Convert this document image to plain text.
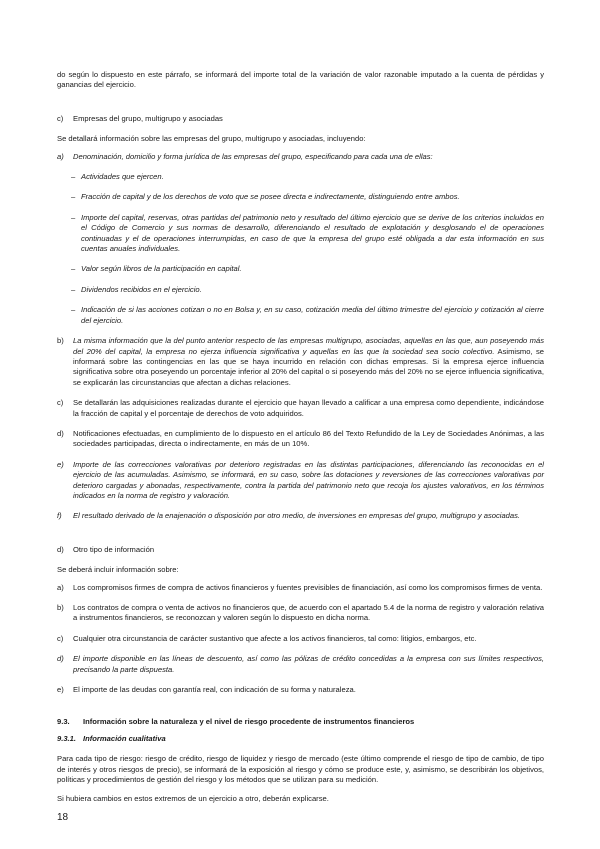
do según lo dispuesto en este párrafo, se informará del importe total de la variación de valor razonable imputado a la cuenta de pérdidas y ganancias del ejercicio.

c)	Empresas del grupo, multigrupo y asociadas

Se detallará información sobre las empresas del grupo, multigrupo y asociadas, incluyendo:

a)	Denominación, domicilio y forma jurídica de las empresas del grupo, especificando para cada una de ellas:
– Actividades que ejercen.
– Fracción de capital y de los derechos de voto que se posee directa e indirectamente, distinguiendo entre ambos.
– Importe del capital, reservas, otras partidas del patrimonio neto y resultado del último ejercicio que se derive de los criterios incluidos en el Código de Comercio y sus normas de desarrollo, diferenciando el resultado de explotación y desglosando el de operaciones continuadas y el de operaciones interrumpidas, en caso de que la empresa del grupo esté obligada a dar esta información en sus cuentas anuales individuales.
– Valor según libros de la participación en capital.
– Dividendos recibidos en el ejercicio.
– Indicación de si las acciones cotizan o no en Bolsa y, en su caso, cotización media del último trimestre del ejercicio y cotización al cierre del ejercicio.
b)	La misma información que la del punto anterior respecto de las empresas multigrupo, asociadas, aquellas en las que, aun poseyendo más del 20% del capital, la empresa no ejerza influencia significativa y aquellas en las que la sociedad sea socio colectivo. Asimismo, se informará sobre las contingencias en las que se haya incurrido en relación con dichas empresas. Si la empresa ejerce influencia significativa sobre otra poseyendo un porcentaje inferior al 20% del capital o si poseyendo más del 20% no se ejerce influencia significativa, se explicarán las circunstancias que afectan a dichas relaciones.
c)	Se detallarán las adquisiciones realizadas durante el ejercicio que hayan llevado a calificar a una empresa como dependiente, indicándose la fracción de capital y el porcentaje de derechos de voto adquiridos.
d)	Notificaciones efectuadas, en cumplimiento de lo dispuesto en el artículo 86 del Texto Refundido de la Ley de Sociedades Anónimas, a las sociedades participadas, directa o indirectamente, en más de un 10%.
e)	Importe de las correcciones valorativas por deterioro registradas en las distintas participaciones, diferenciando las reconocidas en el ejercicio de las acumuladas. Asimismo, se informará, en su caso, sobre las dotaciones y reversiones de las correcciones valorativas por deterioro cargadas y abonadas, respectivamente, contra la partida del patrimonio neto que recoja los ajustes valorativos, en los términos indicados en la norma de registro y valoración.
f)	El resultado derivado de la enajenación o disposición por otro medio, de inversiones en empresas del grupo, multigrupo y asociadas.
d)	Otro tipo de información

Se deberá incluir información sobre:

a)	Los compromisos firmes de compra de activos financieros y fuentes previsibles de financiación, así como los compromisos firmes de venta.
b)	Los contratos de compra o venta de activos no financieros que, de acuerdo con el apartado 5.4 de la norma de registro y valoración relativa a instrumentos financieros, se reconozcan y valoren según lo dispuesto en dicha norma.
c)	Cualquier otra circunstancia de carácter sustantivo que afecte a los activos financieros, tal como: litigios, embargos, etc.
d)	El importe disponible en las líneas de descuento, así como las pólizas de crédito concedidas a la empresa con sus límites respectivos, precisando la parte dispuesta.
e)	El importe de las deudas con garantía real, con indicación de su forma y naturaleza.
9.3.	Información sobre la naturaleza y el nivel de riesgo procedente de instrumentos financieros
9.3.1. Información cualitativa

Para cada tipo de riesgo: riesgo de crédito, riesgo de liquidez y riesgo de mercado (este último comprende el riesgo de tipo de cambio, de tipo de interés y otros riesgos de precio), se informará de la exposición al riesgo y cómo se produce este, y, asimismo, se describirán los objetivos, políticas y procedimientos de gestión del riesgo y los métodos que se utilizan para su medición.

Si hubiera cambios en estos extremos de un ejercicio a otro, deberán explicarse.

18
